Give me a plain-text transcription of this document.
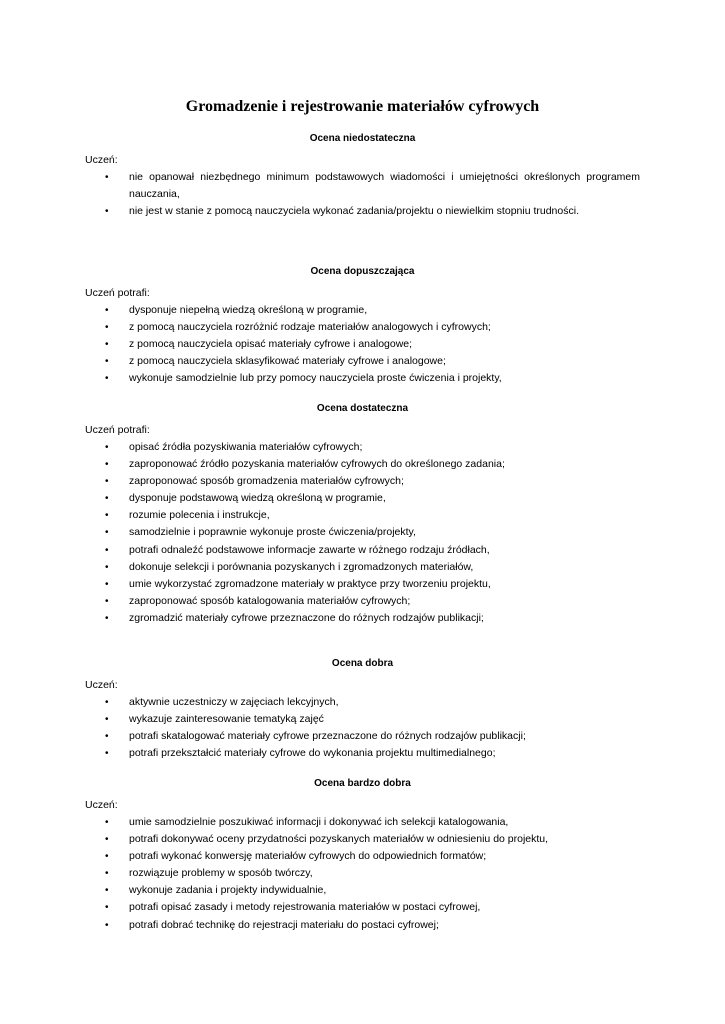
Gromadzenie i rejestrowanie materiałów cyfrowych
Ocena niedostateczna
Uczeń:
• nie opanował niezbędnego minimum podstawowych wiadomości i umiejętności określonych programem
nauczania,
• nie jest w stanie z pomocą nauczyciela wykonać zadania/projektu o niewielkim stopniu trudności.
Ocena dopuszczająca
Uczeń potrafi:
• dysponuje niepełną wiedzą określoną w programie,
• z pomocą nauczyciela rozróżnić rodzaje materiałów analogowych i cyfrowych;
• z pomocą nauczyciela opisać materiały cyfrowe i analogowe;
• z pomocą nauczyciela sklasyfikować materiały cyfrowe i analogowe;
• wykonuje samodzielnie lub przy pomocy nauczyciela proste ćwiczenia i projekty,
Ocena dostateczna
Uczeń potrafi:
• opisać źródła pozyskiwania materiałów cyfrowych;
• zaproponować źródło pozyskania materiałów cyfrowych do określonego zadania;
• zaproponować sposób gromadzenia materiałów cyfrowych;
• dysponuje podstawową wiedzą określoną w programie,
• rozumie polecenia i instrukcje,
• samodzielnie i poprawnie wykonuje proste ćwiczenia/projekty,
• potrafi odnaleźć podstawowe informacje zawarte w różnego rodzaju źródłach,
• dokonuje selekcji i porównania pozyskanych i zgromadzonych materiałów,
• umie wykorzystać zgromadzone materiały w praktyce przy tworzeniu projektu,
• zaproponować sposób katalogowania materiałów cyfrowych;
• zgromadzić materiały cyfrowe przeznaczone do różnych rodzajów publikacji;
Ocena dobra
Uczeń:
• aktywnie uczestniczy w zajęciach lekcyjnych,
• wykazuje zainteresowanie tematyką zajęć
• potrafi skatalogować materiały cyfrowe przeznaczone do różnych rodzajów publikacji;
• potrafi przekształcić materiały cyfrowe do wykonania projektu multimedialnego;
Ocena bardzo dobra
Uczeń:
• umie samodzielnie poszukiwać informacji i dokonywać ich selekcji katalogowania,
• potrafi dokonywać oceny przydatności pozyskanych materiałów w odniesieniu do projektu,
• potrafi wykonać konwersję materiałów cyfrowych do odpowiednich formatów;
• rozwiązuje problemy w sposób twórczy,
• wykonuje zadania i projekty indywidualnie,
• potrafi opisać zasady i metody rejestrowania materiałów w postaci cyfrowej,
• potrafi dobrać technikę do rejestracji materiału do postaci cyfrowej;
